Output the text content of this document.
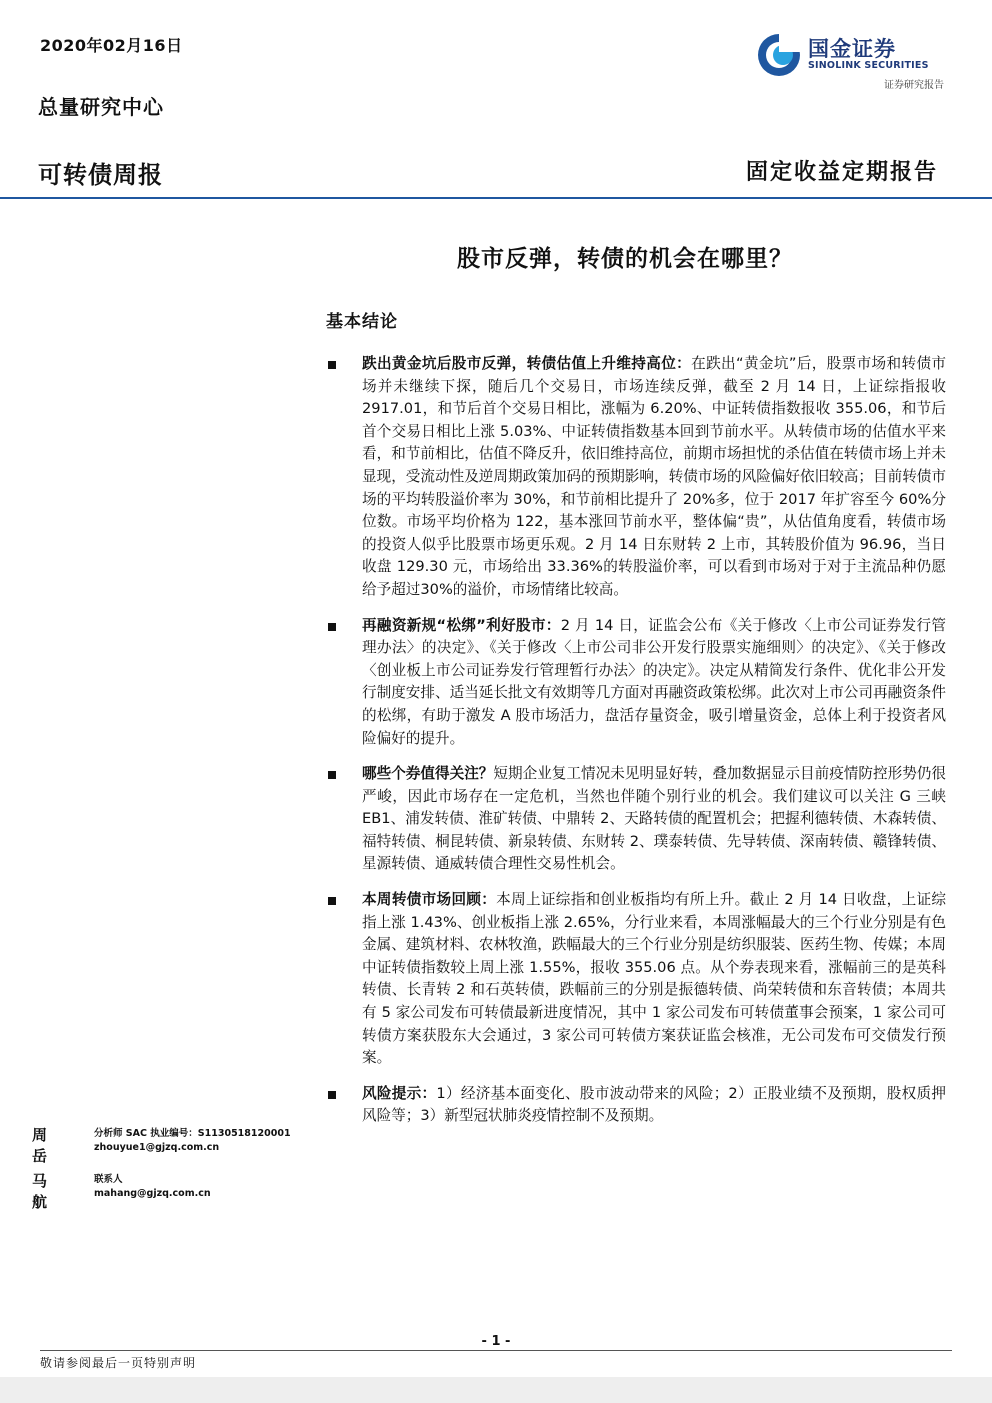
2020年02月16日	国金证券
SINOLINK SECURITIES
证券研究报告
总量研究中心
可转债周报	固定收益定期报告
股市反弹，转债的机会在哪里？
基本结论
跌出黄金坑后股市反弹，转债估值上升维持高位：在跌出“黄金坑”后，股票市场和转债市场并未继续下探，随后几个交易日，市场连续反弹，截至 2 月 14 日，上证综指报收 2917.01，和节后首个交易日相比，涨幅为 6.20%、中证转债指数报收 355.06，和节后首个交易日相比上涨 5.03%、中证转债指数基本回到节前水平。从转债市场的估值水平来看，和节前相比，估值不降反升，依旧维持高位，前期市场担忧的杀估值在转债市场上并未显现，受流动性及逆周期政策加码的预期影响，转债市场的风险偏好依旧较高；目前转债市场的平均转股溢价率为 30%，和节前相比提升了 20%多，位于 2017 年扩容至今 60%分位数。市场平均价格为 122，基本涨回节前水平，整体偏“贵”，从估值角度看，转债市场的投资人似乎比股票市场更乐观。2 月 14 日东财转 2 上市，其转股价值为 96.96，当日收盘 129.30 元，市场给出 33.36%的转股溢价率，可以看到市场对于对于主流品种仍愿给予超过30%的溢价，市场情绪比较高。
再融资新规“松绑”利好股市：2 月 14 日，证监会公布《关于修改〈上市公司证券发行管理办法〉的决定》、《关于修改〈上市公司非公开发行股票实施细则〉的决定》、《关于修改〈创业板上市公司证券发行管理暂行办法〉的决定》。决定从精简发行条件、优化非公开发行制度安排、适当延长批文有效期等几方面对再融资政策松绑。此次对上市公司再融资条件的松绑，有助于激发 A 股市场活力，盘活存量资金，吸引增量资金，总体上利于投资者风险偏好的提升。
哪些个券值得关注？短期企业复工情况未见明显好转，叠加数据显示目前疫情防控形势仍很严峻，因此市场存在一定危机，当然也伴随个别行业的机会。我们建议可以关注 G 三峡 EB1、浦发转债、淮矿转债、中鼎转 2、天路转债的配置机会；把握利德转债、木森转债、福特转债、桐昆转债、新泉转债、东财转 2、璞泰转债、先导转债、深南转债、赣锋转债、星源转债、通威转债合理性交易性机会。
本周转债市场回顾：本周上证综指和创业板指均有所上升。截止 2 月 14 日收盘，上证综指上涨 1.43%、创业板指上涨 2.65%，分行业来看，本周涨幅最大的三个行业分别是有色金属、建筑材料、农林牧渔，跌幅最大的三个行业分别是纺织服装、医药生物、传媒；本周中证转债指数较上周上涨 1.55%，报收 355.06 点。从个券表现来看，涨幅前三的是英科转债、长青转 2 和石英转债，跌幅前三的分别是振德转债、尚荣转债和东音转债；本周共有 5 家公司发布可转债最新进度情况，其中 1 家公司发布可转债董事会预案，1 家公司可转债方案获股东大会通过，3 家公司可转债方案获证监会核准，无公司发布可交债发行预案。
风险提示：1）经济基本面变化、股市波动带来的风险；2）正股业绩不及预期，股权质押风险等；3）新型冠状肺炎疫情控制不及预期。
周岳
分析师 SAC 执业编号：S1130518120001
zhouyue1@gjzq.com.cn
马航
联系人
mahang@gjzq.com.cn
- 1 -
敬请参阅最后一页特别声明
